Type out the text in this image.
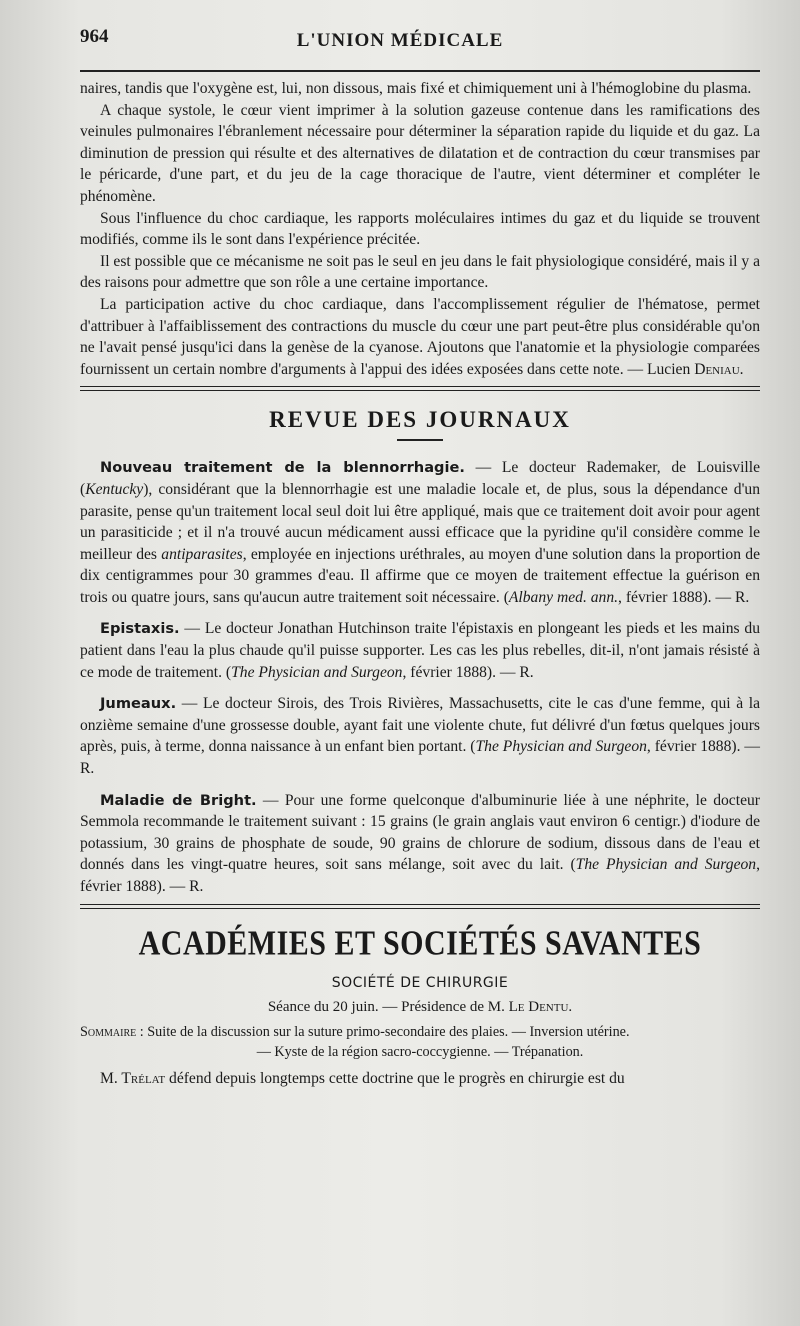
964	L'UNION MÉDICALE

naires, tandis que l'oxygène est, lui, non dissous, mais fixé et chimiquement uni à l'hémoglobine du plasma.

A chaque systole, le cœur vient imprimer à la solution gazeuse contenue dans les ramifications des veinules pulmonaires l'ébranlement nécessaire pour déterminer la séparation rapide du liquide et du gaz. La diminution de pression qui résulte et des alternatives de dilatation et de contraction du cœur transmises par le péricarde, d'une part, et du jeu de la cage thoracique de l'autre, vient déterminer et compléter le phénomène.

Sous l'influence du choc cardiaque, les rapports moléculaires intimes du gaz et du liquide se trouvent modifiés, comme ils le sont dans l'expérience précitée.

Il est possible que ce mécanisme ne soit pas le seul en jeu dans le fait physiologique considéré, mais il y a des raisons pour admettre que son rôle a une certaine importance.

La participation active du choc cardiaque, dans l'accomplissement régulier de l'hématose, permet d'attribuer à l'affaiblissement des contractions du muscle du cœur une part peut-être plus considérable qu'on ne l'avait pensé jusqu'ici dans la genèse de la cyanose. Ajoutons que l'anatomie et la physiologie comparées fournissent un certain nombre d'arguments à l'appui des idées exposées dans cette note. — Lucien Deniau.

REVUE DES JOURNAUX

Nouveau traitement de la blennorrhagie. — Le docteur Rademaker, de Louisville (Kentucky), considérant que la blennorrhagie est une maladie locale et, de plus, sous la dépendance d'un parasite, pense qu'un traitement local seul doit lui être appliqué, mais que ce traitement doit avoir pour agent un parasiticide ; et il n'a trouvé aucun médicament aussi efficace que la pyridine qu'il considère comme le meilleur des antiparasites, employée en injections uréthrales, au moyen d'une solution dans la proportion de dix centigrammes pour 30 grammes d'eau. Il affirme que ce moyen de traitement effectue la guérison en trois ou quatre jours, sans qu'aucun autre traitement soit nécessaire. (Albany med. ann., février 1888). — R.

Epistaxis. — Le docteur Jonathan Hutchinson traite l'épistaxis en plongeant les pieds et les mains du patient dans l'eau la plus chaude qu'il puisse supporter. Les cas les plus rebelles, dit-il, n'ont jamais résisté à ce mode de traitement. (The Physician and Surgeon, février 1888). — R.

Jumeaux. — Le docteur Sirois, des Trois Rivières, Massachusetts, cite le cas d'une femme, qui à la onzième semaine d'une grossesse double, ayant fait une violente chute, fut délivré d'un fœtus quelques jours après, puis, à terme, donna naissance à un enfant bien portant. (The Physician and Surgeon, février 1888). — R.

Maladie de Bright. — Pour une forme quelconque d'albuminurie liée à une néphrite, le docteur Semmola recommande le traitement suivant : 15 grains (le grain anglais vaut environ 6 centigr.) d'iodure de potassium, 30 grains de phosphate de soude, 90 grains de chlorure de sodium, dissous dans de l'eau et donnés dans les vingt-quatre heures, soit sans mélange, soit avec du lait. (The Physician and Surgeon, février 1888). — R.

ACADÉMIES ET SOCIÉTÉS SAVANTES
SOCIÉTÉ DE CHIRURGIE
Séance du 20 juin. — Présidence de M. Le Dentu.
Sommaire : Suite de la discussion sur la suture primo-secondaire des plaies. — Inversion utérine.
— Kyste de la région sacro-coccygienne. — Trépanation.

M. Trélat défend depuis longtemps cette doctrine que le progrès en chirurgie est du
